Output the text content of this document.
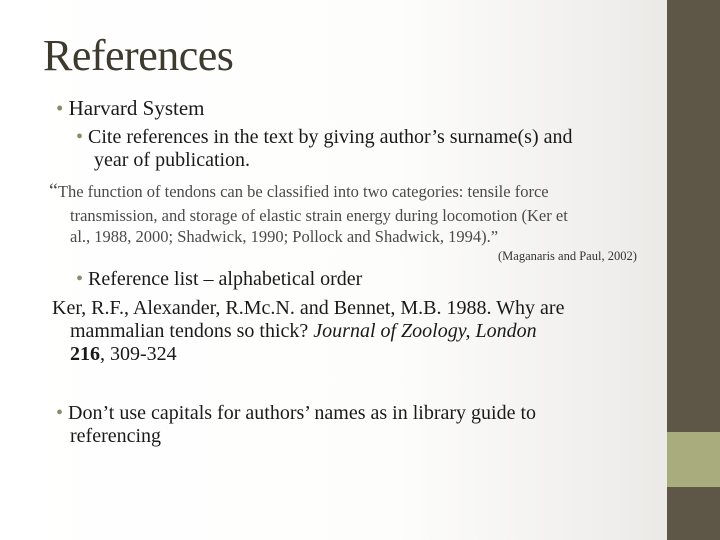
References
• Harvard System
• Cite references in the text by giving author’s surname(s) and
year of publication.
“The function of tendons can be classified into two categories: tensile force
transmission, and storage of elastic strain energy during locomotion (Ker et
al., 1988, 2000; Shadwick, 1990; Pollock and Shadwick, 1994).”
(Maganaris and Paul, 2002)
• Reference list – alphabetical order
Ker, R.F., Alexander, R.Mc.N. and Bennet, M.B. 1988. Why are
mammalian tendons so thick? Journal of Zoology, London
216, 309-324
• Don’t use capitals for authors’ names as in library guide to
referencing
